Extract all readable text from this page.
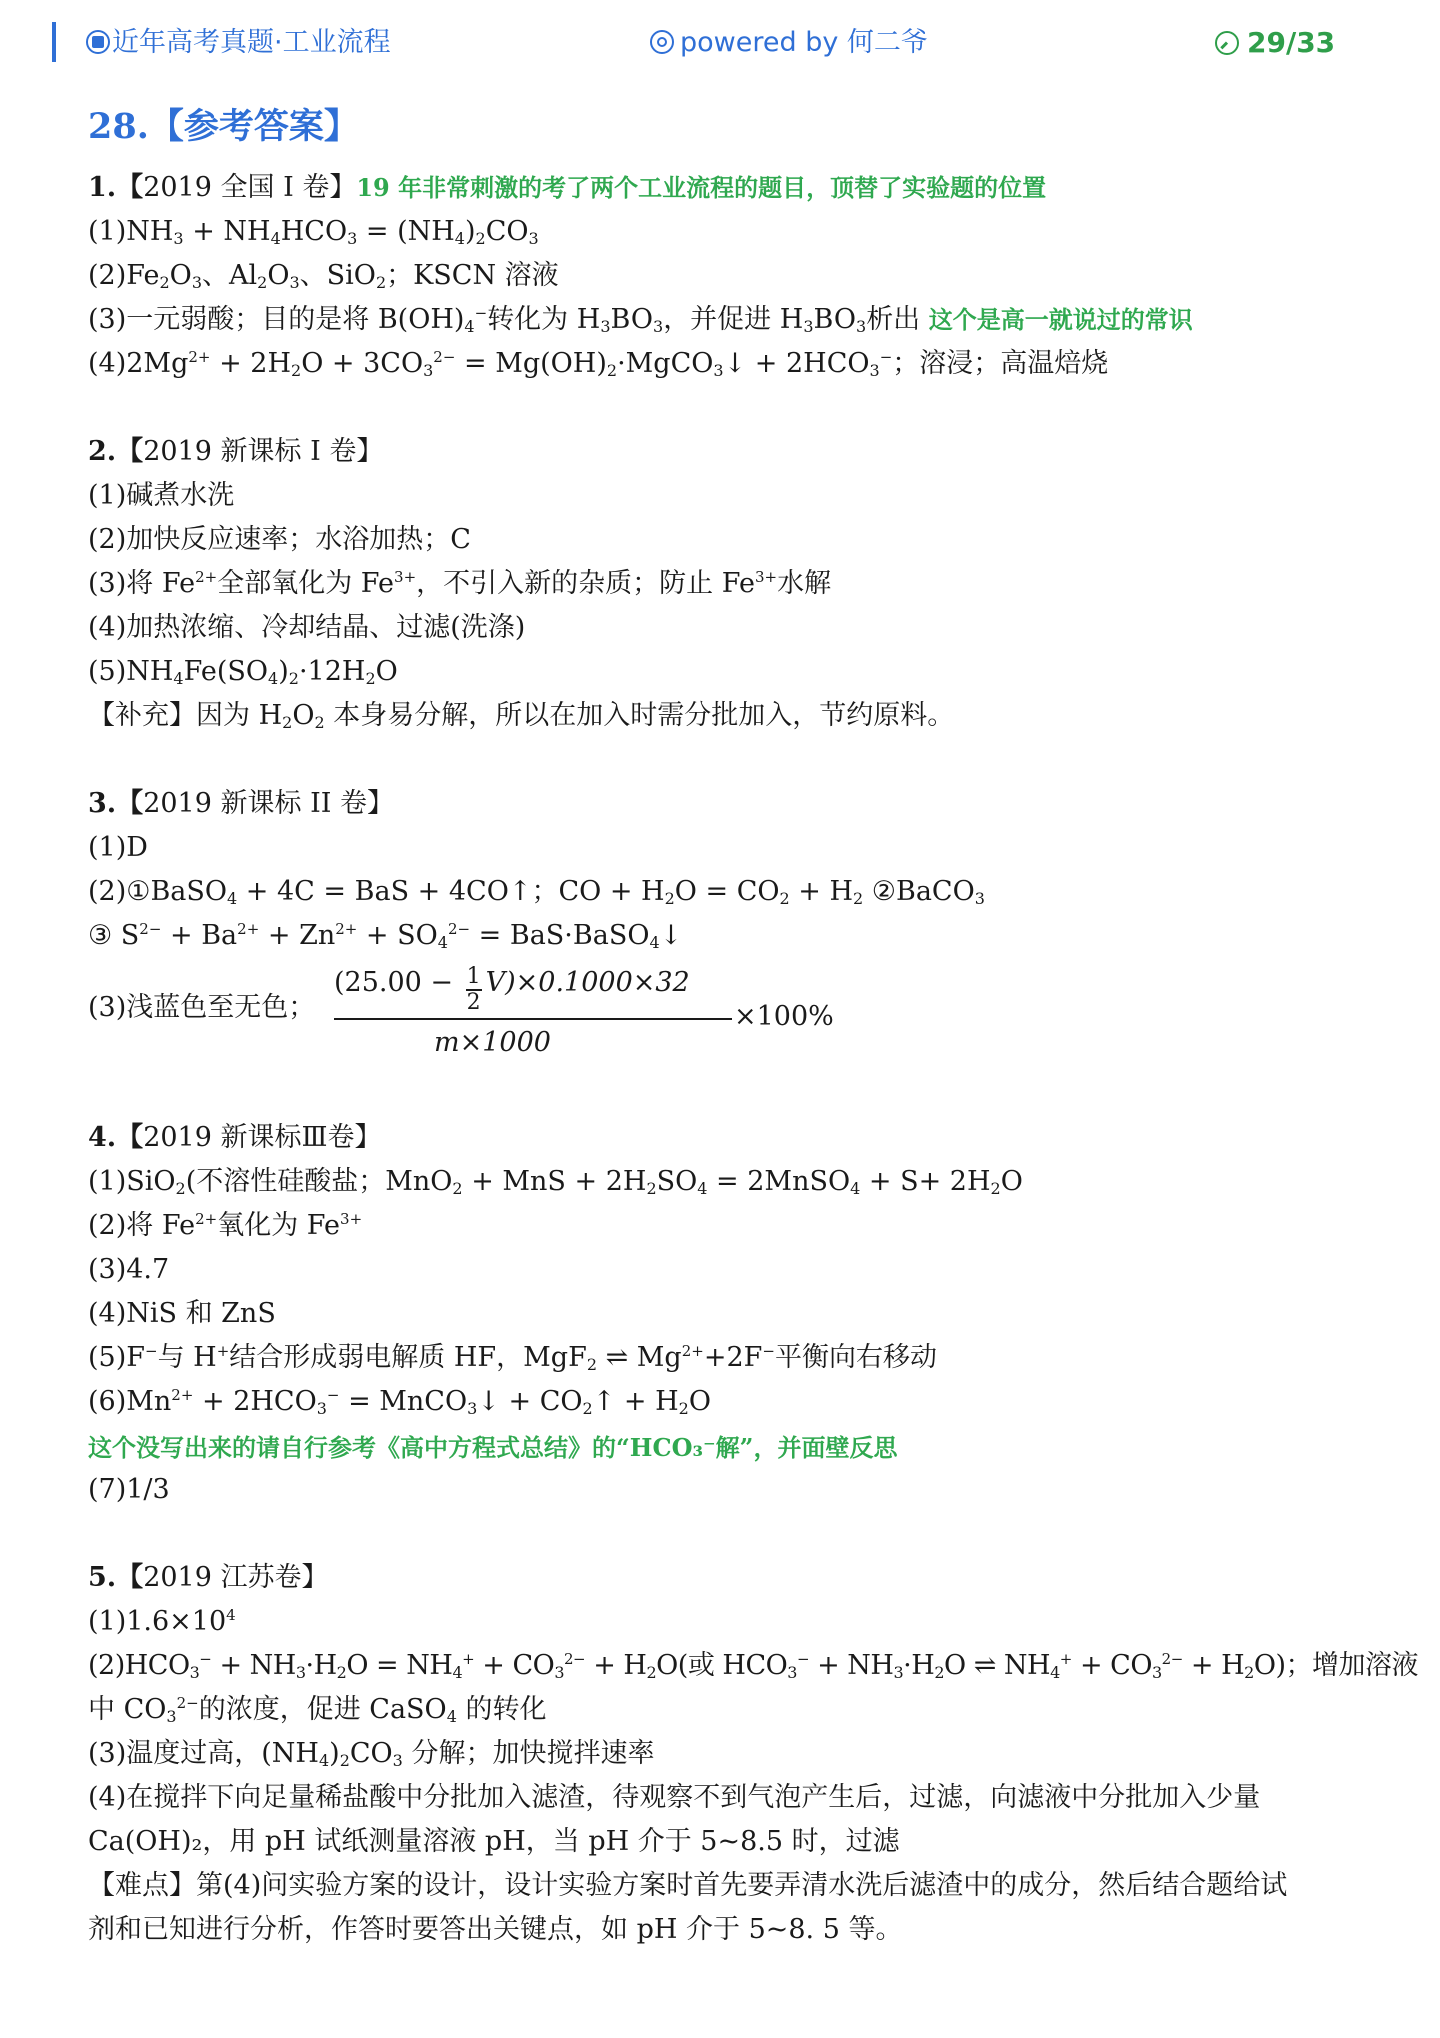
近年高考真题·工业流程	powered by 何二爷	29/33
28.【参考答案】
1.【2019 全国 I 卷】19 年非常刺激的考了两个工业流程的题目，顶替了实验题的位置
$(1)NH_3 + NH_4HCO_3 = (NH_4)_2CO_3$
$(2)Fe_2O_3$、$Al_2O_3$、SiO$_2$；KSCN 溶液
(3)一元弱酸；目的是将 $B(OH)_4^-$转化为 $H_3BO_3$，并促进 $H_3BO_3$析出 这个是高一就说过的常识
$(4)2Mg^{2+} + 2H_2O + 3CO_3^{2-}$ = $Mg(OH)_2\cdot MgCO_3↓ + 2HCO_3^-$；溶浸；高温焙烧
2.【2019 新课标 I 卷】
(1)碱煮水洗
(2)加快反应速率；水浴加热；C
(3)将 $Fe^{2+}$全部氧化为 $Fe^{3+}$，不引入新的杂质；防止 $Fe^{3+}$水解
(4)加热浓缩、冷却结晶、过滤(洗涤)
$(5)NH_4Fe(SO_4)_2\cdot 12H_2O$
【补充】因为 $H_2O_2$ 本身易分解，所以在加入时需分批加入，节约原料。
3.【2019 新课标 II 卷】
(1)D
(2)①BaSO$_4$ + 4C = BaS + 4CO↑；CO + $H_2O = CO_2 + H_2$ ②BaCO$_3$
③ $S^{2-} + Ba^{2+} + Zn^{2+} + SO_4^{2-}$ = BaS·BaSO$_4$↓
(3)浅蓝色至无色；
(25.00 − 1
2
V)×0.1000×32
m×1000
×100%
4.【2019 新课标Ⅲ卷】
(1)SiO$_2$(不溶性硅酸盐；MnO$_2$ + MnS + $2H_2SO_4$ = 2MnSO$_4$ + $S+ 2H_2O$
(2)将 $Fe^{2+}$氧化为 $Fe^{3+}$
(3)4.7
(4)NiS 和 ZnS
(5)F−与 H+结合形成弱电解质 HF，MgF$_2$ ⇌ $Mg^{2+}+2F^-$平衡向右移动
$(6)Mn^{2+} + 2HCO_3^-$ = MnCO$_3$↓ + $CO_2↑ + H_2O$
这个没写出来的请自行参考《高中方程式总结》的“HCO₃⁻解”，并面壁反思
(7)1/3
5.【2019 江苏卷】
$(1)1.6\times 10^4$
$(2)HCO_3^- + NH_3\cdot H_2O = NH_4^+ + CO_3^{2-} + H_2O$(或 $HCO_3^- + NH_3\cdot H_2O$ ⇌ $NH_4^+ + CO_3^{2-} + H_2O$)；增加溶液
中 $CO_3^{2-}$的浓度，促进 CaSO$_4$ 的转化
(3)温度过高，$(NH_4)_2CO_3$ 分解；加快搅拌速率
(4)在搅拌下向足量稀盐酸中分批加入滤渣，待观察不到气泡产生后，过滤，向滤液中分批加入少量
Ca(OH)₂，用 pH 试纸测量溶液 pH，当 pH 介于 5~8.5 时，过滤
【难点】第(4)问实验方案的设计，设计实验方案时首先要弄清水洗后滤渣中的成分，然后结合题给试
剂和已知进行分析，作答时要答出关键点，如 pH 介于 5~8. 5 等。
